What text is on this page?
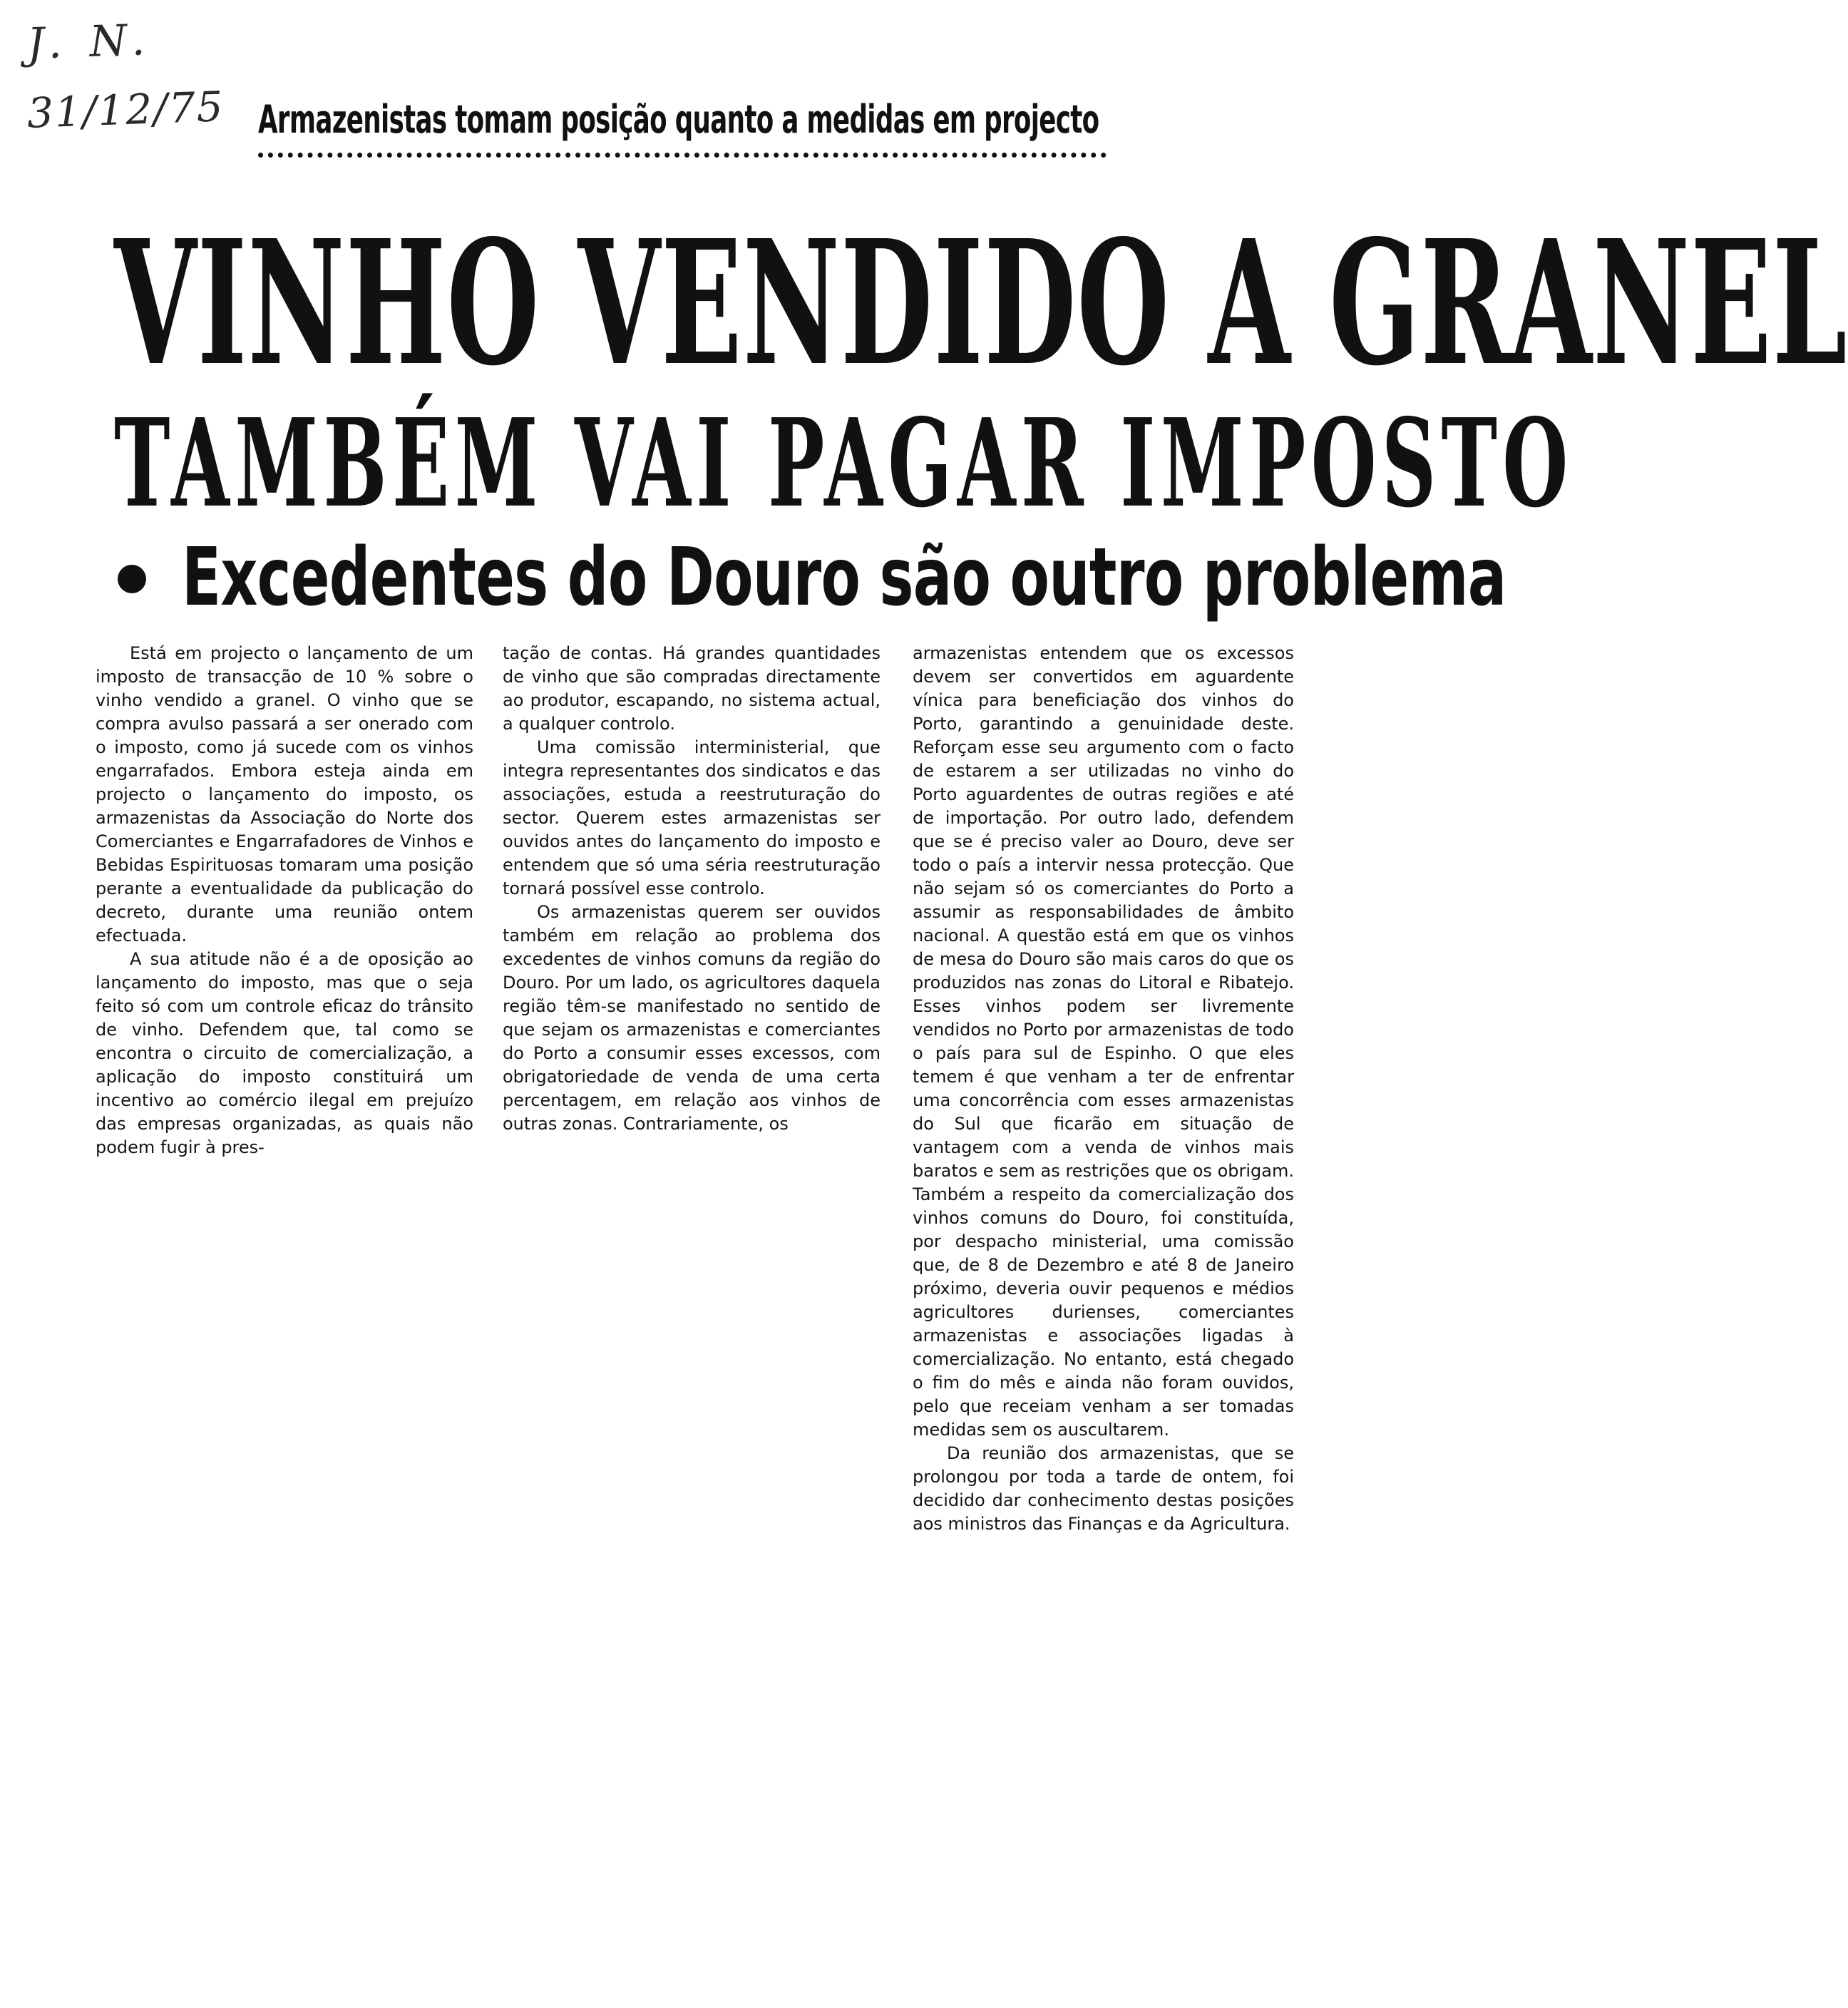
J. N.
31/12/75 Armazenistas tomam posição quanto a medidas em projecto
VINHO VENDIDO A GRANEL
TAMBÉM VAI PAGAR IMPOSTO
Excedentes do Douro são outro problema

Está em projecto o lançamento de um imposto de transacção de 10 % sobre o vinho vendido a granel. O vinho que se compra avulso passará a ser onerado com o imposto, como já sucede com os vinhos engarrafados. Embora esteja ainda em projecto o lançamento do imposto, os armazenistas da Associação do Norte dos Comerciantes e Engarrafadores de Vinhos e Bebidas Espirituosas tomaram uma posição perante a eventualidade da publicação do decreto, durante uma reunião ontem efectuada.

A sua atitude não é a de oposição ao lançamento do imposto, mas que o seja feito só com um controle eficaz do trânsito de vinho. Defendem que, tal como se encontra o circuito de comercialização, a aplicação do imposto constituirá um incentivo ao comércio ilegal em prejuízo das empresas organizadas, as quais não podem fugir à pres-

tação de contas. Há grandes quantidades de vinho que são compradas directamente ao produtor, escapando, no sistema actual, a qualquer controlo.

Uma comissão interministerial, que integra representantes dos sindicatos e das associações, estuda a reestruturação do sector. Querem estes armazenistas ser ouvidos antes do lançamento do imposto e entendem que só uma séria reestruturação tornará possível esse controlo.

Os armazenistas querem ser ouvidos também em relação ao problema dos excedentes de vinhos comuns da região do Douro. Por um lado, os agricultores daquela região têm-se manifestado no sentido de que sejam os armazenistas e comerciantes do Porto a consumir esses excessos, com obrigatoriedade de venda de uma certa percentagem, em relação aos vinhos de outras zonas. Contrariamente, os

armazenistas entendem que os excessos devem ser convertidos em aguardente vínica para beneficiação dos vinhos do Porto, garantindo a genuinidade deste. Reforçam esse seu argumento com o facto de estarem a ser utilizadas no vinho do Porto aguardentes de outras regiões e até de importação. Por outro lado, defendem que se é preciso valer ao Douro, deve ser todo o país a intervir nessa protecção. Que não sejam só os comerciantes do Porto a assumir as responsabilidades de âmbito nacional. A questão está em que os vinhos de mesa do Douro são mais caros do que os produzidos nas zonas do Litoral e Ribatejo. Esses vinhos podem ser livremente vendidos no Porto por armazenistas de todo o país para sul de Espinho. O que eles temem é que venham a ter de enfrentar uma concorrência com esses armazenistas do Sul que ficarão em situação de vantagem com a venda de vinhos mais baratos e sem as restrições que os obrigam. Também a respeito da comercialização dos vinhos comuns do Douro, foi constituída, por despacho ministerial, uma comissão que, de 8 de Dezembro e até 8 de Janeiro próximo, deveria ouvir pequenos e médios agricultores durienses, comerciantes armazenistas e associações ligadas à comercialização. No entanto, está chegado o fim do mês e ainda não foram ouvidos, pelo que receiam venham a ser tomadas medidas sem os auscultarem.

Da reunião dos armazenistas, que se prolongou por toda a tarde de ontem, foi decidido dar conhecimento destas posições aos ministros das Finanças e da Agricultura.
